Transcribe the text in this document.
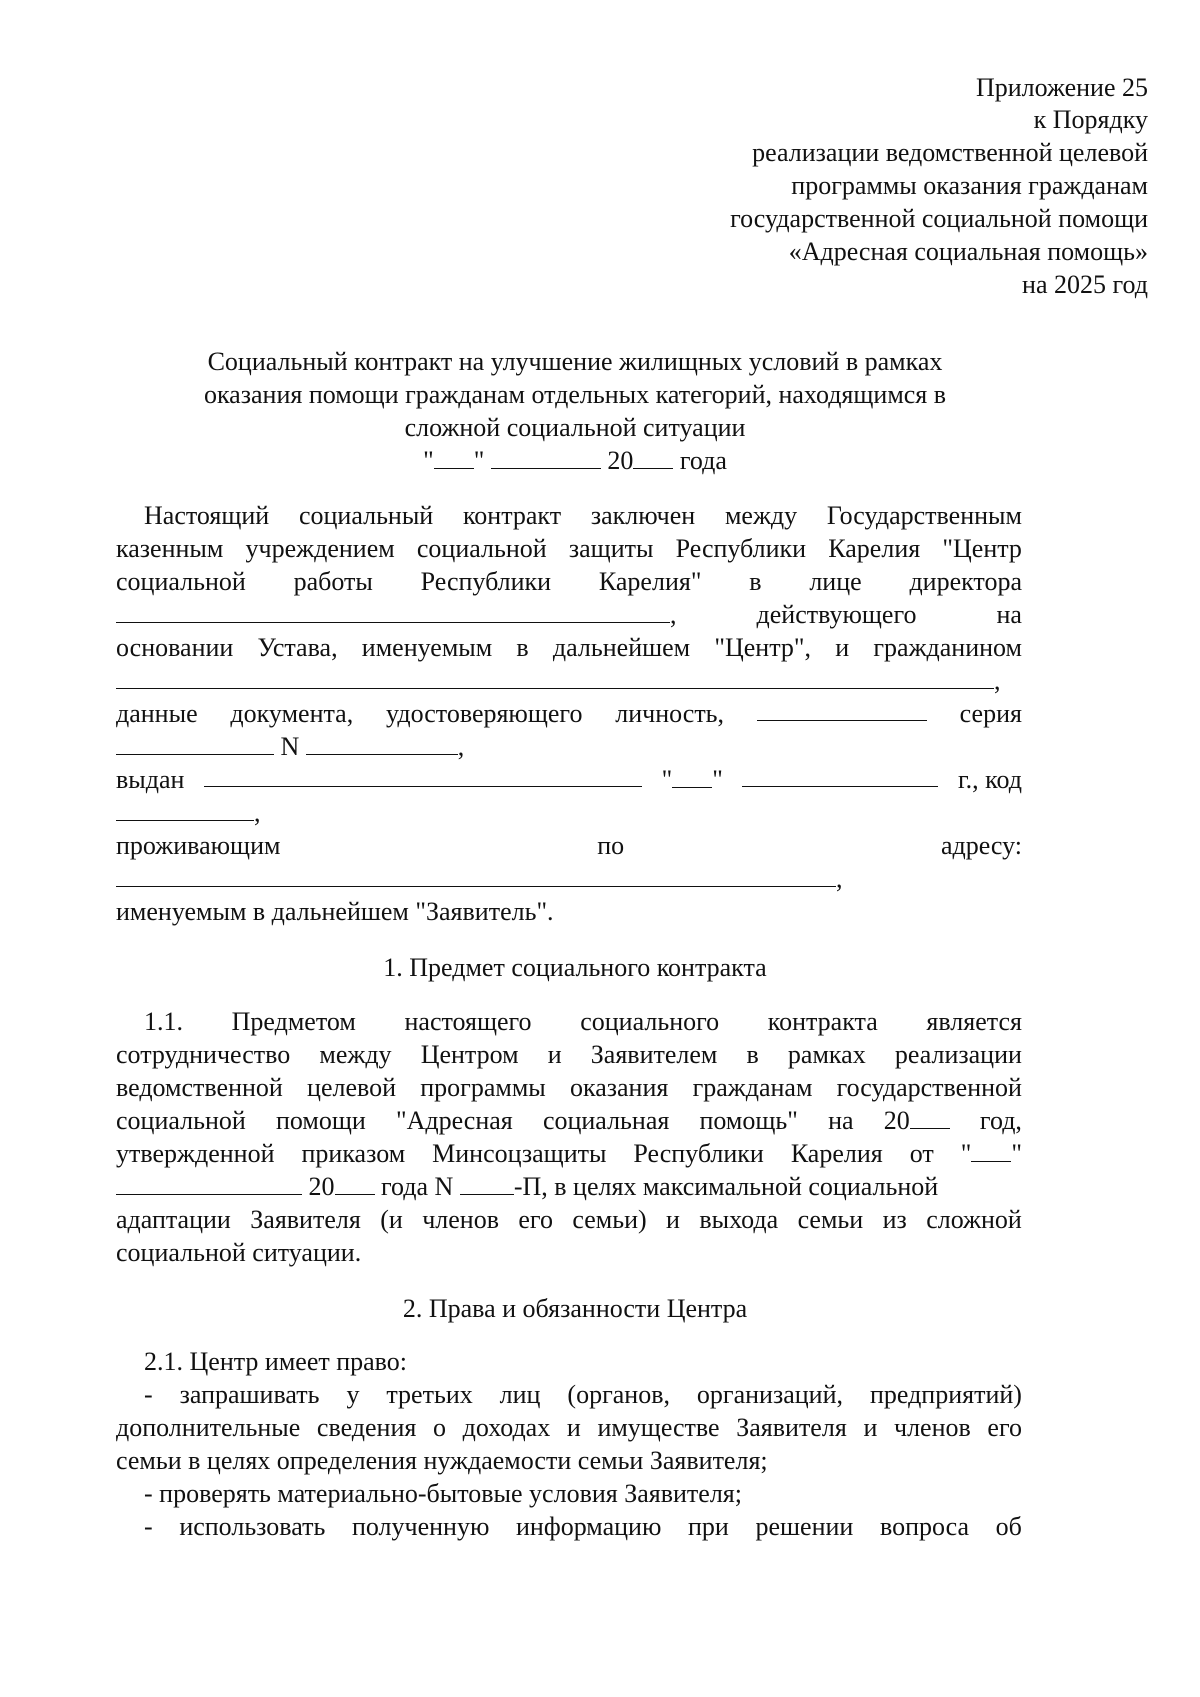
Приложение 25
к Порядку
реализации ведомственной целевой
программы оказания гражданам
государственной социальной помощи
«Адресная социальная помощь»
на 2025 год
Социальный контракт на улучшение жилищных условий в рамках
оказания помощи гражданам отдельных категорий, находящимся в
сложной социальной ситуации
" "	20 года
Настоящий социальный контракт заключен между Государственным
казенным учреждением социальной защиты Республики Карелия "Центр
социальной работы Республики Карелия" в лице директора
,	действующего	на
основании Устава, именуемым в дальнейшем "Центр", и гражданином
,
данные документа, удостоверяющего личность,	серия
N	,
выдан	" "	г., код
,
проживающим	по	адресу:
,
именуемым в дальнейшем "Заявитель".
1. Предмет социального контракта
1.1. Предметом настоящего социального контракта является
сотрудничество между Центром и Заявителем в рамках реализации
ведомственной целевой программы оказания гражданам государственной
социальной помощи "Адресная социальная помощь" на 20	год,
утвержденной приказом Минсоцзащиты Республики Карелия от " "
20 года N -П, в целях максимальной социальной
адаптации Заявителя (и членов его семьи) и выхода семьи из сложной
социальной ситуации.
2. Права и обязанности Центра
2.1. Центр имеет право:
- запрашивать у третьих лиц (органов, организаций, предприятий)
дополнительные сведения о доходах и имуществе Заявителя и членов его
семьи в целях определения нуждаемости семьи Заявителя;
- проверять материально-бытовые условия Заявителя;
- использовать полученную информацию при решении вопроса об
